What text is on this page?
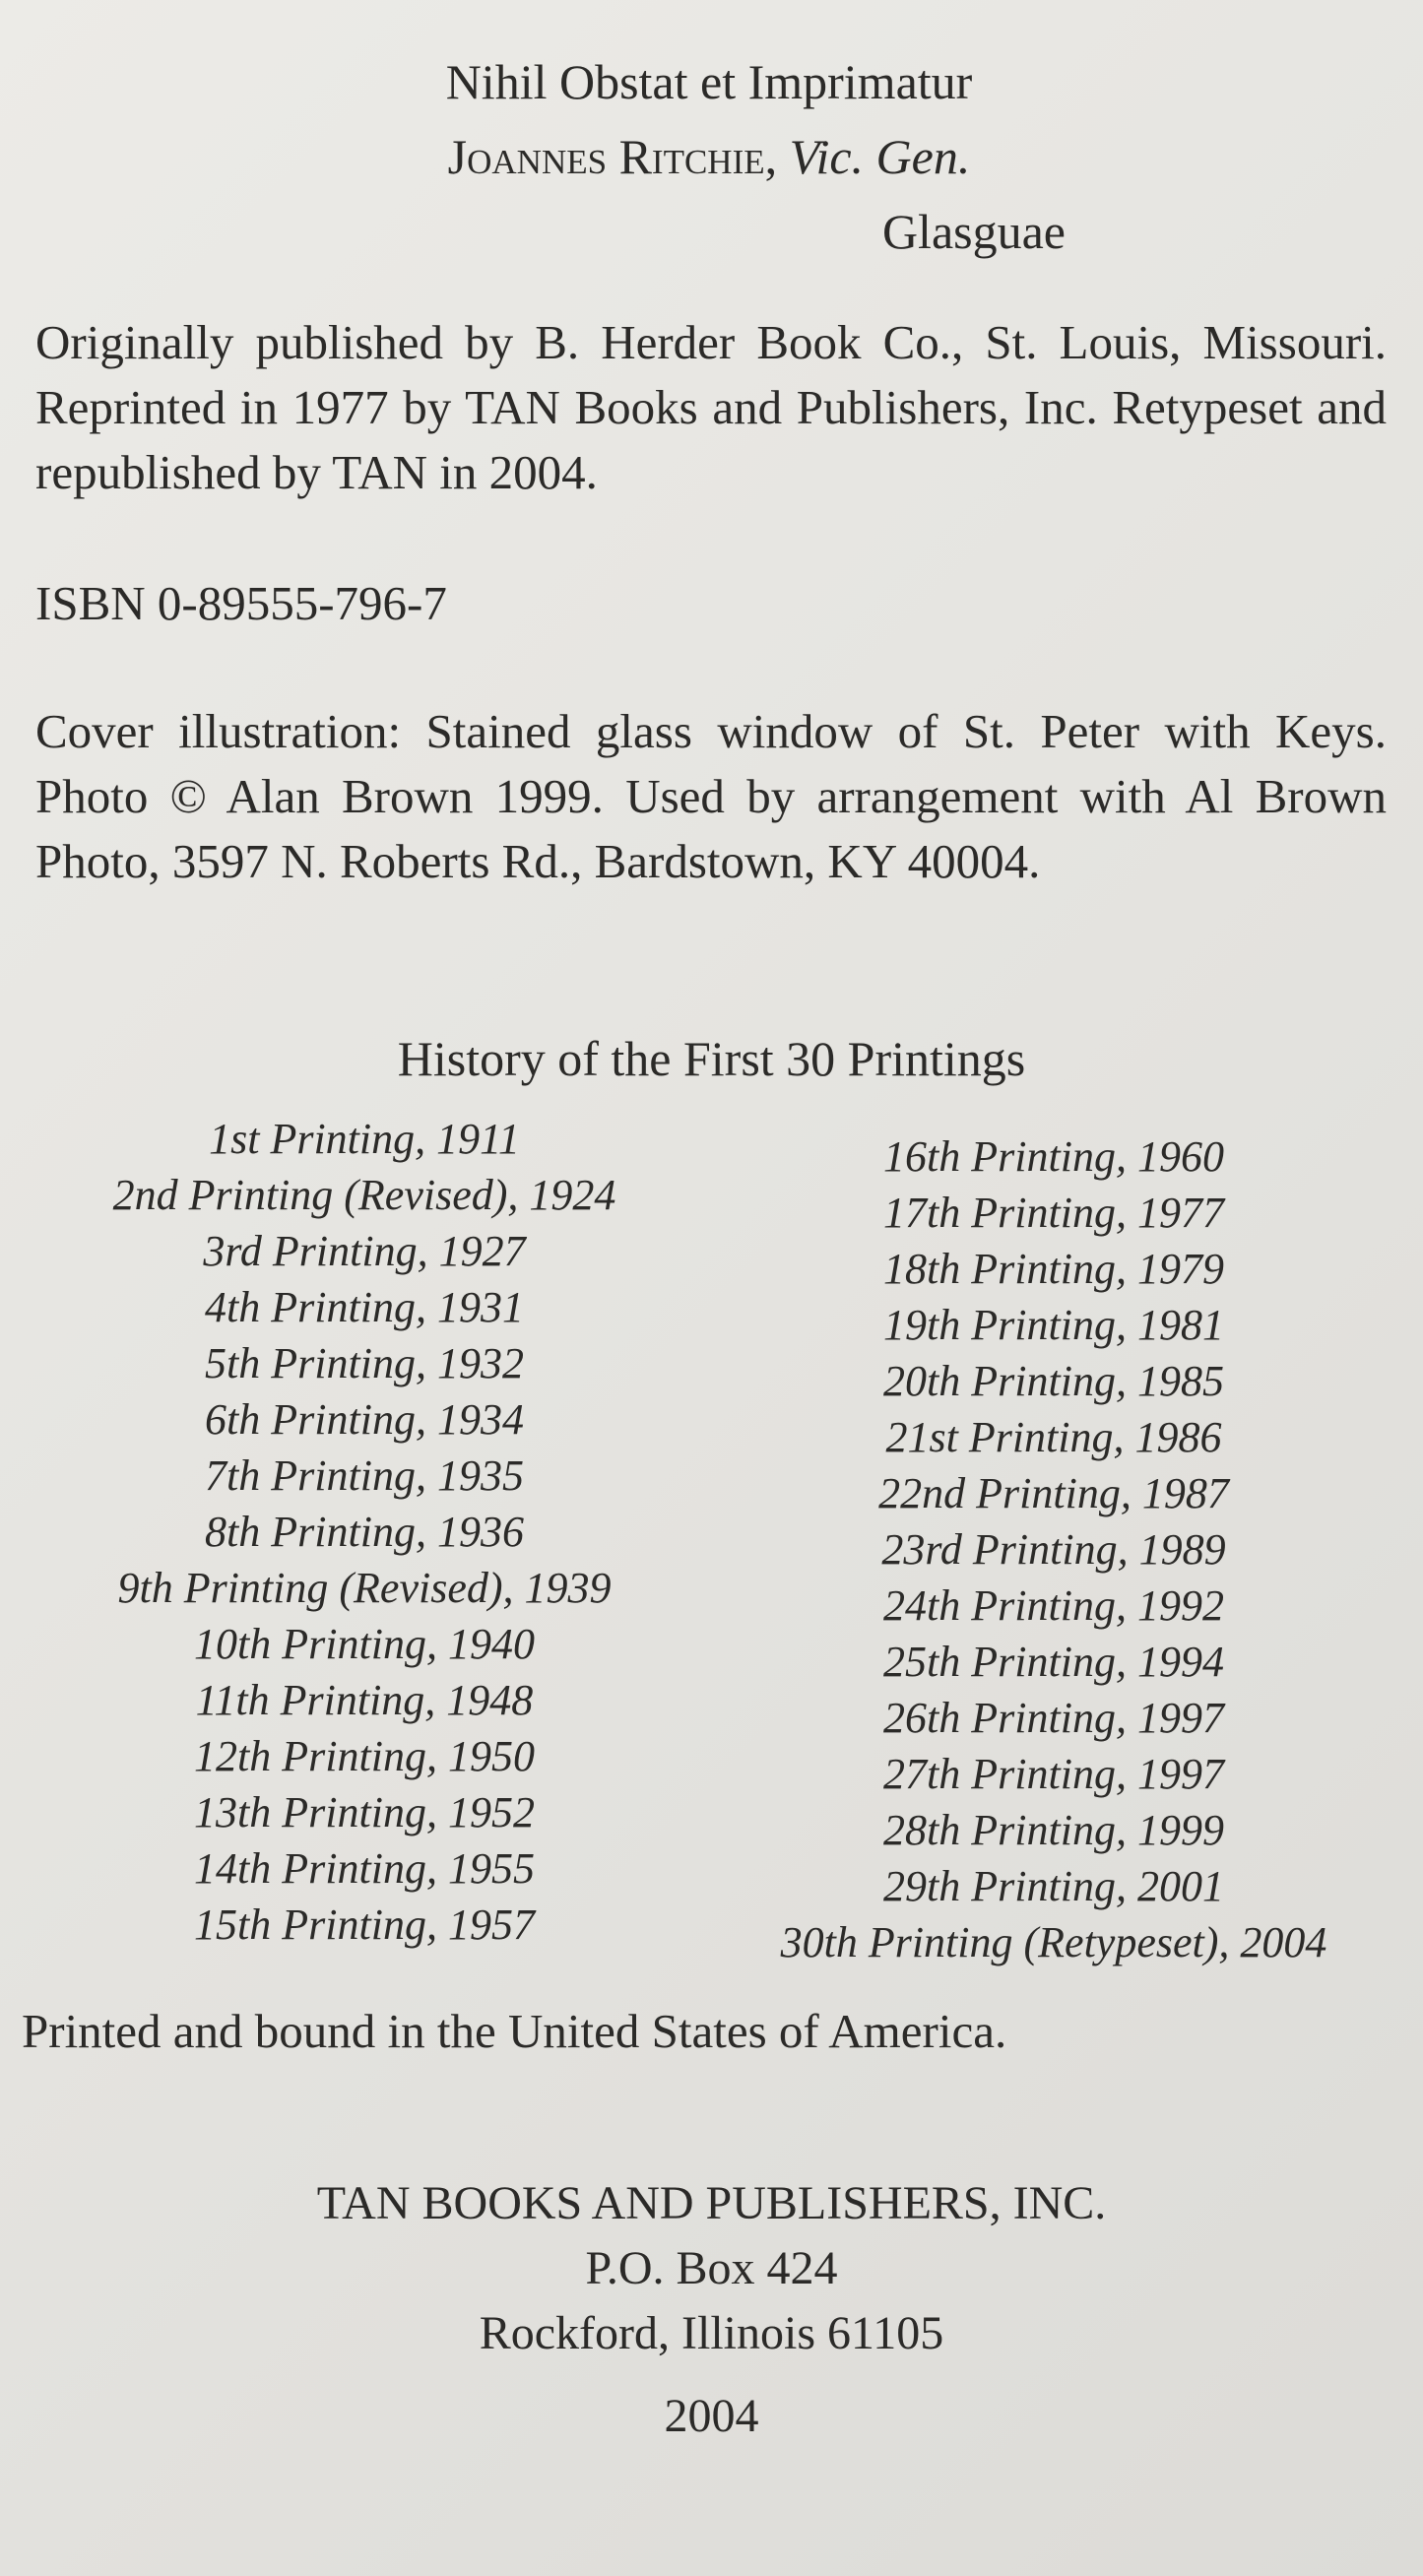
Nihil Obstat et Imprimatur
Joannes Ritchie, Vic. Gen.
Glasguae

Originally published by B. Herder Book Co., St. Louis, Missouri. Reprinted in 1977 by TAN Books and Publishers, Inc. Retypeset and republished by TAN in 2004.

ISBN 0-89555-796-7

Cover illustration: Stained glass window of St. Peter with Keys. Photo © Alan Brown 1999. Used by arrangement with Al Brown Photo, 3597 N. Roberts Rd., Bardstown, KY 40004.

History of the First 30 Printings
1st Printing, 1911
2nd Printing (Revised), 1924
3rd Printing, 1927
4th Printing, 1931
5th Printing, 1932
6th Printing, 1934
7th Printing, 1935
8th Printing, 1936
9th Printing (Revised), 1939
10th Printing, 1940
11th Printing, 1948
12th Printing, 1950
13th Printing, 1952
14th Printing, 1955
15th Printing, 1957
16th Printing, 1960
17th Printing, 1977
18th Printing, 1979
19th Printing, 1981
20th Printing, 1985
21st Printing, 1986
22nd Printing, 1987
23rd Printing, 1989
24th Printing, 1992
25th Printing, 1994
26th Printing, 1997
27th Printing, 1997
28th Printing, 1999
29th Printing, 2001
30th Printing (Retypeset), 2004
Printed and bound in the United States of America.
TAN BOOKS AND PUBLISHERS, INC.
P.O. Box 424
Rockford, Illinois 61105
2004
